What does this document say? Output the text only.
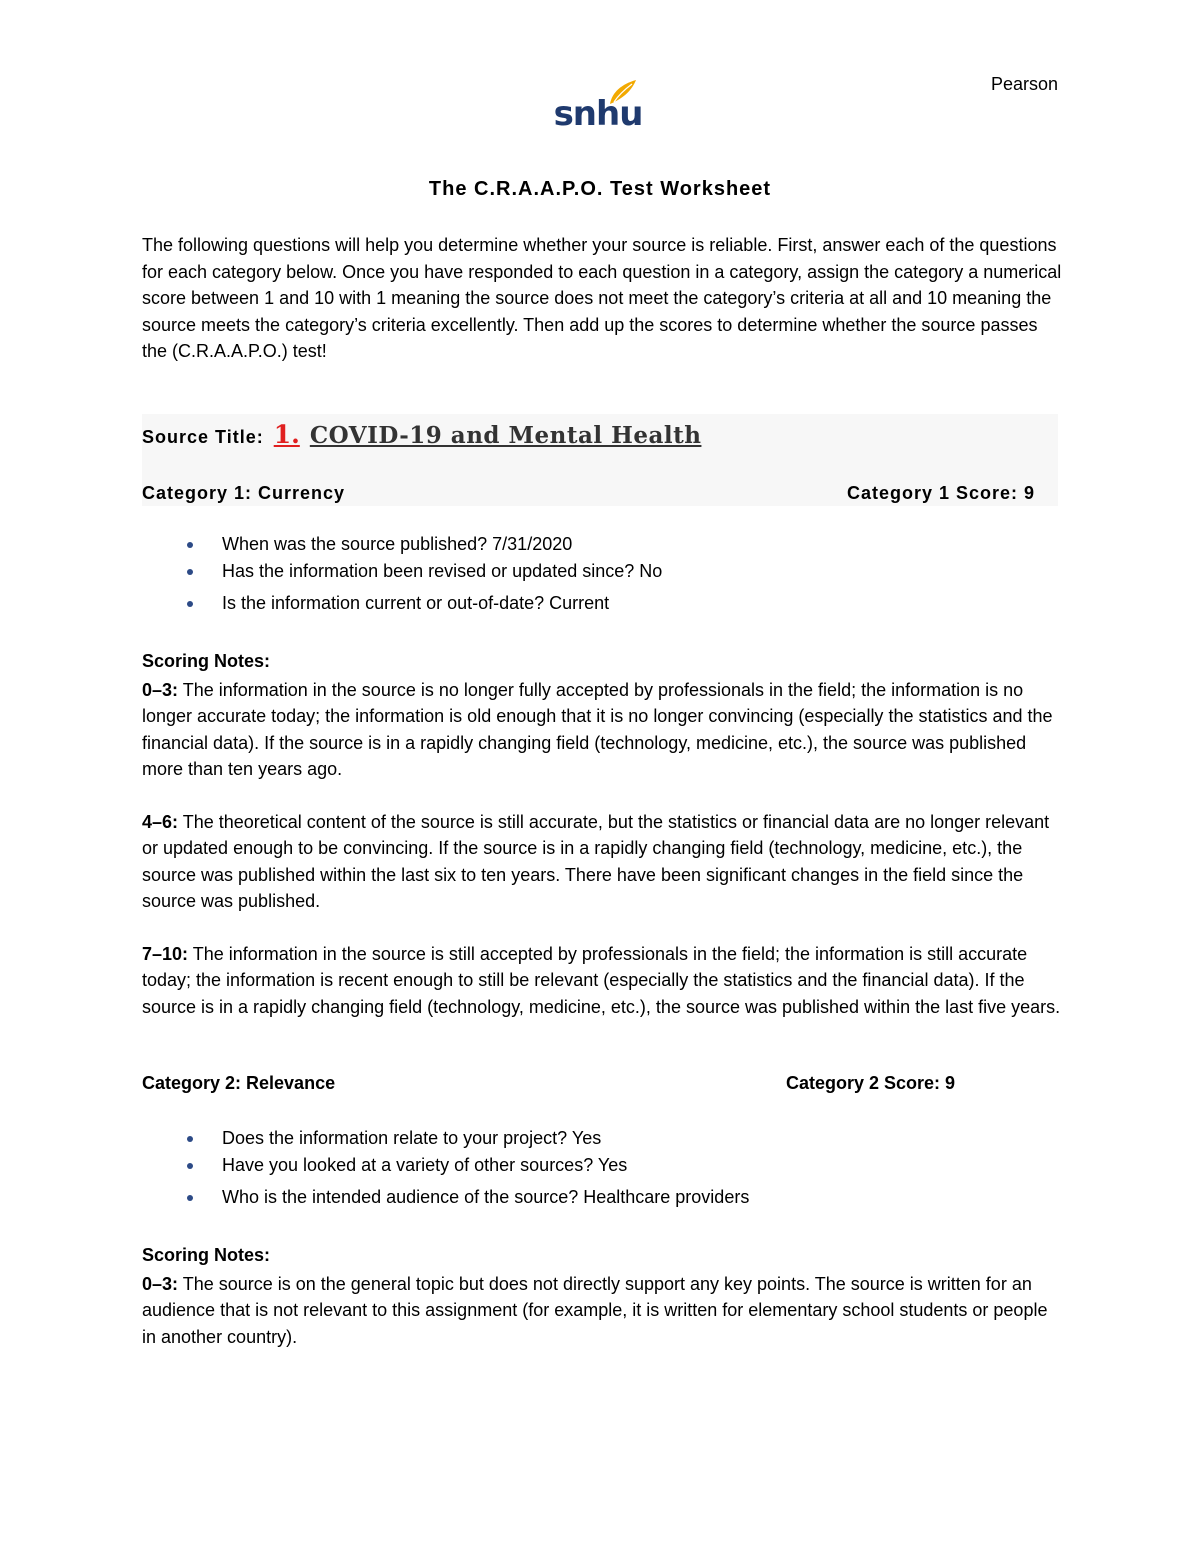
Pearson
snhu
The C.R.A.A.P.O. Test Worksheet
The following questions will help you determine whether your source is reliable. First, answer each of the questions for each category below. Once you have responded to each question in a category, assign the category a numerical score between 1 and 10 with 1 meaning the source does not meet the category’s criteria at all and 10 meaning the source meets the category’s criteria excellently. Then add up the scores to determine whether the source passes the (C.R.A.A.P.O.) test!
Source Title: 1. COVID-19 and Mental Health
Category 1: Currency	Category 1 Score: 9
When was the source published? 7/31/2020
Has the information been revised or updated since? No
Is the information current or out-of-date? Current
Scoring Notes:
0–3: The information in the source is no longer fully accepted by professionals in the field; the information is no longer accurate today; the information is old enough that it is no longer convincing (especially the statistics and the financial data). If the source is in a rapidly changing field (technology, medicine, etc.), the source was published more than ten years ago.
4–6: The theoretical content of the source is still accurate, but the statistics or financial data are no longer relevant or updated enough to be convincing. If the source is in a rapidly changing field (technology, medicine, etc.), the source was published within the last six to ten years. There have been significant changes in the field since the source was published.
7–10: The information in the source is still accepted by professionals in the field; the information is still accurate today; the information is recent enough to still be relevant (especially the statistics and the financial data). If the source is in a rapidly changing field (technology, medicine, etc.), the source was published within the last five years.
Category 2: Relevance	Category 2 Score: 9
Does the information relate to your project? Yes
Have you looked at a variety of other sources? Yes
Who is the intended audience of the source? Healthcare providers
Scoring Notes:
0–3: The source is on the general topic but does not directly support any key points. The source is written for an audience that is not relevant to this assignment (for example, it is written for elementary school students or people in another country).
